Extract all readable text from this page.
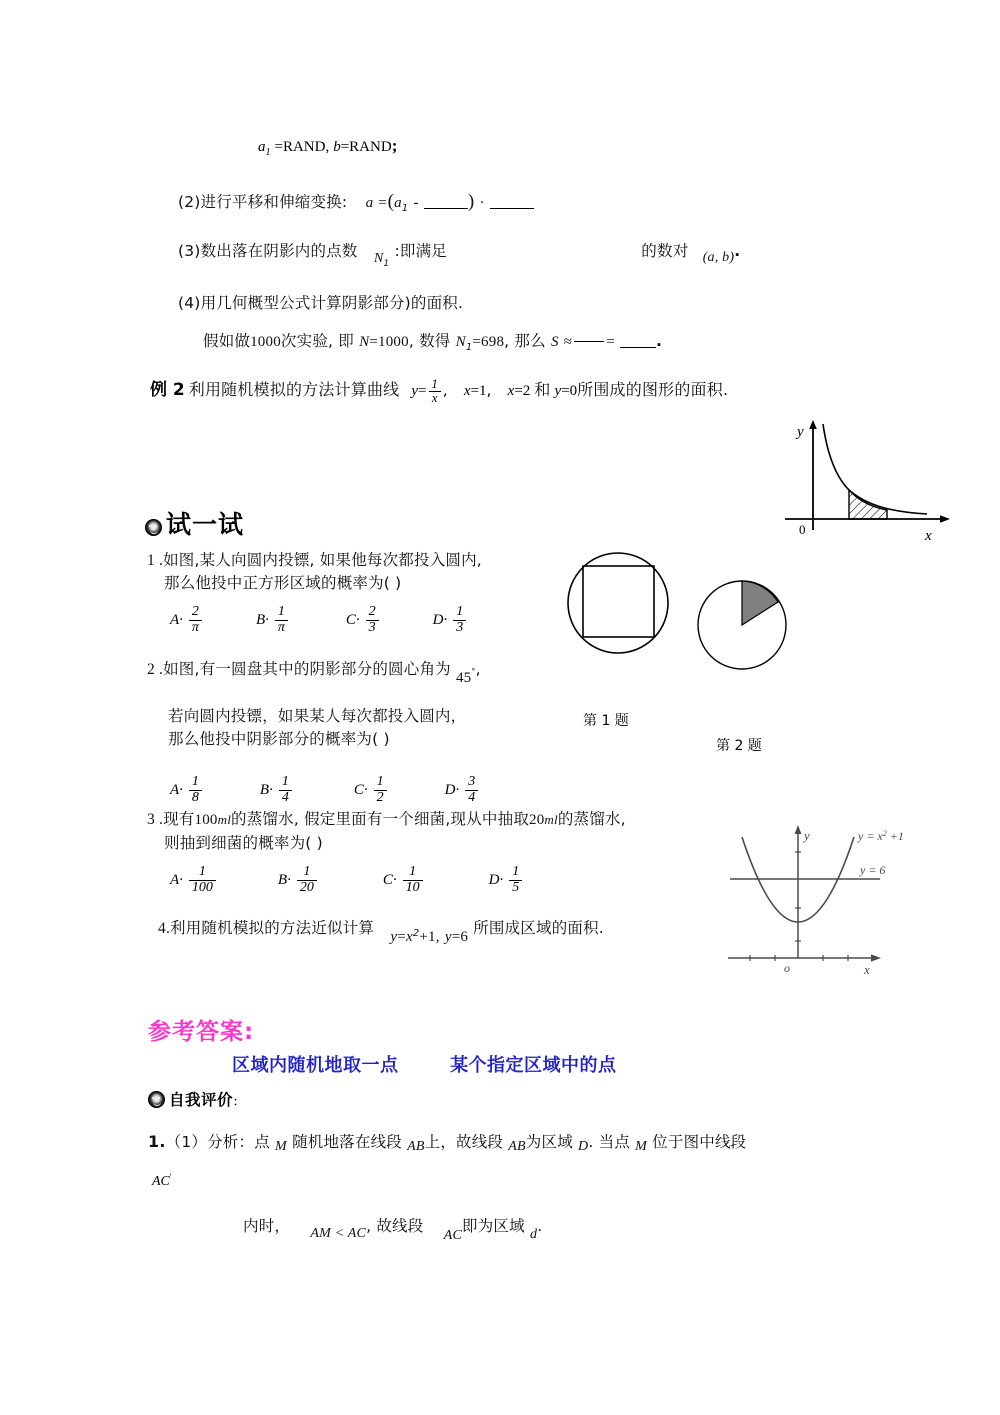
$a_1$ =RAND, b=RAND;
(2)进行平移和伸缩变换: $a =(a_1$ -	) ·
(3)数出落在阴影内的点数 $N_1$ :即满足	的数对 (a, b).
(4)用几何概型公式计算阴影部分)的面积.
假如做1000次实验, 即 N=1000, 数得 $N_1=698$, 那么 S ≈ =	.
例 2 利用随机模拟的方法计算曲线 $y= \frac{1}{x}$ , x=1, x=2 和 y=0所围成的图形的面积.
y
x
0
试一试
1 .如图,某人向圆内投镖, 如果他每次都投入圆内,
那么他投中正方形区域的概率为( )
$A\cdot \frac{2}{\pi}$	$B\cdot \frac{1}{\pi}$	$C\cdot \frac{2}{3}$	$D\cdot \frac{1}{3}$
2 .如图,有一圆盘其中的阴影部分的圆心角为 45°,
若向圆内投镖，如果某人每次都投入圆内，
那么他投中阴影部分的概率为( )
$A\cdot \frac{1}{8}$	$B\cdot \frac{1}{4}$	$C\cdot \frac{1}{2}$	$D\cdot \frac{3}{4}$
第 1 题
第 2 题
3 .现有100ml的蒸馏水, 假定里面有一个细菌,现从中抽取20ml的蒸馏水,
则抽到细菌的概率为( )
$A\cdot \frac{1}{100}$	$B\cdot \frac{1}{20}$	$C\cdot \frac{1}{10}$	$D\cdot \frac{1}{5}$
4.利用随机模拟的方法近似计算 $y=x^2+1$, y=6 所围成区域的面积.
y
x
o
$y = x^2 +1$
y = 6
参考答案:
区域内随机地取一点	某个指定区域中的点
自我评价：
1.（1）分析：点 M 随机地落在线段 AB上，故线段 AB为区域 D. 当点 M 位于图中线段
AC'
内时， AM < AC, 故线段  AC即为区域 d.
